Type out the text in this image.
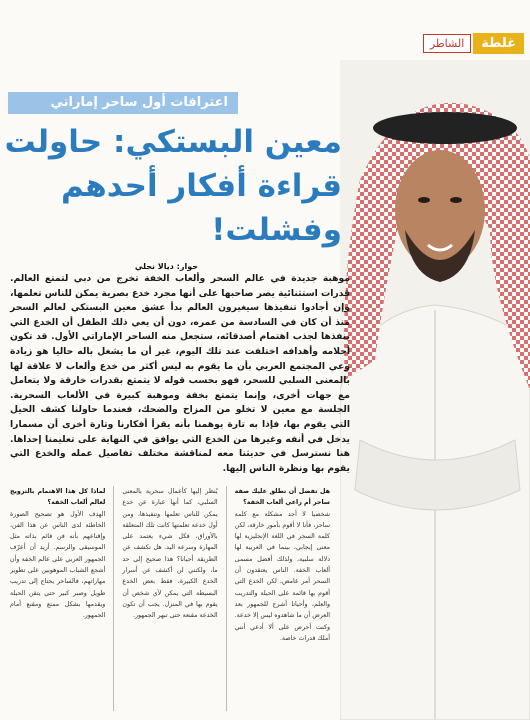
غلطة
الشاطر
اعترافات أول ساحر إماراتي
معين البستكي: حاولت
قراءة أفكار أحدهم
وفشلت!
حوار: ديالا نحلي
موهبة جديدة في عالم السحر وألعاب الخفة تخرج من دبي لتمتع العالم. قدرات استثنائية يصر صاحبها على أنها مجرد خدع بصرية يمكن للناس تعلمها، وإن أجادوا تنفيذها سيغيرون العالم بدأ عشق معين البستكي لعالم السحر منذ أن كان في السادسة من عمره، دون أن يعي ذلك الطفل أن الخدع التي ينفذها لجذب اهتمام أصدقائه، ستجعل منه الساحر الإماراتي الأول. قد تكون أحلامه وأهدافه اختلفت عند تلك اليوم، غير أن ما يشغل باله حاليا هو زيادة وعي المجتمع العربي بأن ما يقوم به ليس أكثر من خدع وألعاب لا علاقة لها بالمعنى السلبي للسحر، فهو بحسب قوله لا يتمتع بقدرات خارقة ولا يتعامل مع جهات أخرى، وإنما يتمتع بخفة وموهبة كبيرة في الألعاب السحرية. الجلسة مع معين لا تخلو من المزاح والضحك، فعندما حاولنا كشف الحيل التي يقوم بها، فإذا به تارة يوهمنا بأنه يقرأ أفكارنا وتارة أخرى أن مسمارا يدخل في أنفه وغيرها من الخدع التي يوافق في النهاية على تعليمنا إحداها. هنا نسترسل في حديثنا معه لمناقشة مختلف تفاصيل عمله والخدع التي يقوم بها ونظرة الناس إليها.
هل تفضل أن تطلق عليك صفة ساحر أم راعي ألعاب الخفة؟
شخصيا لا أجد مشكلة مع كلمة ساحر، فأنا لا أقوم بأمور خارقة، لكن كلمة السحر في اللغة الإنجليزية لها معنى إيجابي، بينما في العربية لها دلالة سلبية، ولذلك أفضل مسمى ألعاب الخفة. الناس يعتقدون أن السحر أمر غامض، لكن الخدع التي أقوم بها قائمة على الحيلة والتدريب والعلم، وأحيانا أشرح للجمهور بعد العرض أن ما شاهدوه ليس إلا خدعة. وكنت أحرص على ألا أدعي أنني أملك قدرات خاصة.
يُنظر إليها كأعمال سحرية بالمعنى السلبي، كما أنها عبارة عن خدع يمكن للناس تعلمها وتنفيذها، ومن أول خدعة تعلمتها كانت تلك المتعلقة بالأوراق، فكل شيء يعتمد على المهارة وسرعة اليد. هل تكشف عن الطريقة أحيانا؟ هذا صحيح إلى حد ما، ولكنني لن أكشف عن أسرار الخدع الكبيرة، فقط بعض الخدع البسيطة التي يمكن لأي شخص أن يقوم بها في المنزل. يجب أن تكون الخدعة مقنعة حتى تبهر الجمهور.
لماذا كل هذا الاهتمام بالترويج لعالم ألعاب الخفة؟
الهدف الأول هو تصحيح الصورة الخاطئة لدى الناس عن هذا الفن، وإقناعهم بأنه فن قائم بذاته مثل الموسيقى والرسم. أريد أن أعرّف الجمهور العربي على عالم الخفة وأن أشجع الشباب الموهوبين على تطوير مهاراتهم، فالساحر يحتاج إلى تدريب طويل وصبر كبير حتى يتقن الحيلة ويقدمها بشكل ممتع ومقنع أمام الجمهور.
